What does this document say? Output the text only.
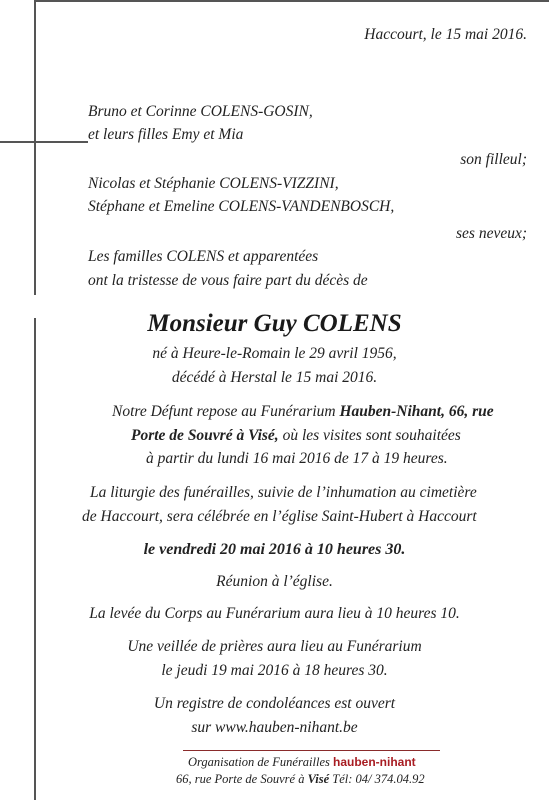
Haccourt, le 15 mai 2016.
Bruno et Corinne COLENS-GOSIN,
et leurs filles Emy et Mia
son filleul;
Nicolas et Stéphanie COLENS-VIZZINI,
Stéphane et Emeline COLENS-VANDENBOSCH,
ses neveux;
Les familles COLENS et apparentées
ont la tristesse de vous faire part du décès de
Monsieur Guy COLENS
né à Heure-le-Romain le 29 avril 1956,
décédé à Herstal le 15 mai 2016.
Notre Défunt repose au Funérarium Hauben-Nihant, 66, rue
Porte de Souvré à Visé, où les visites sont souhaitées
à partir du lundi 16 mai 2016 de 17 à 19 heures.
La liturgie des funérailles, suivie de l’inhumation au cimetière
de Haccourt, sera célébrée en l’église Saint-Hubert à Haccourt
le vendredi 20 mai 2016 à 10 heures 30.
Réunion à l’église.
La levée du Corps au Funérarium aura lieu à 10 heures 10.
Une veillée de prières aura lieu au Funérarium
le jeudi 19 mai 2016 à 18 heures 30.
Un registre de condoléances est ouvert
sur www.hauben-nihant.be
Organisation de Funérailles hauben-nihant
66, rue Porte de Souvré à Visé Tél: 04/ 374.04.92
